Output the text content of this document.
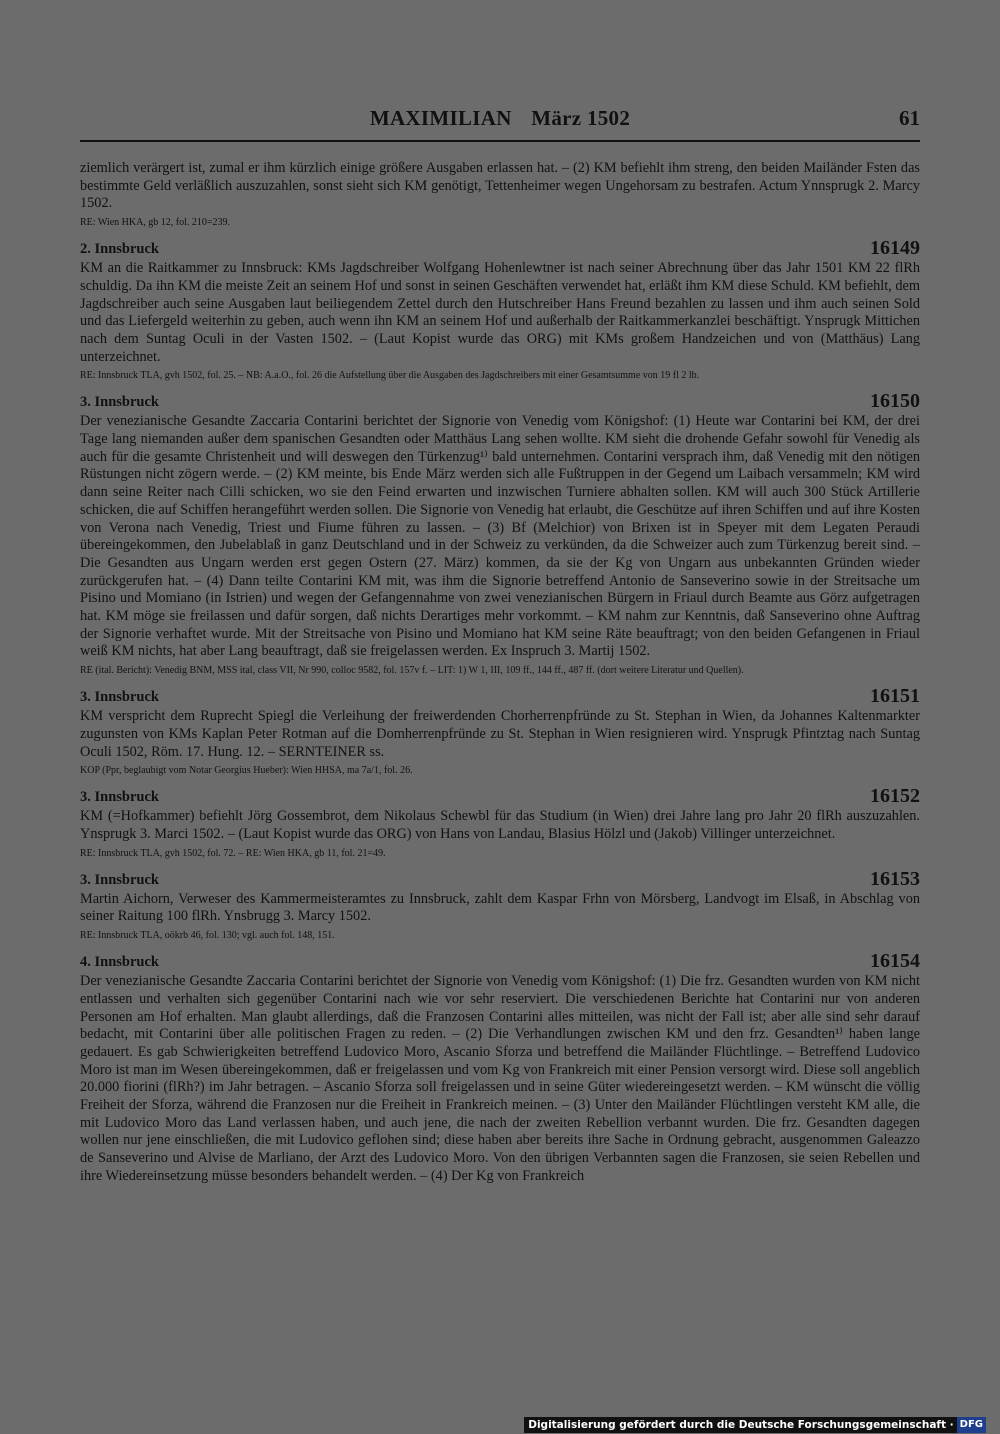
MAXIMILIAN März 1502	61

ziemlich verärgert ist, zumal er ihm kürzlich einige größere Ausgaben erlassen hat. – (2) KM befiehlt ihm streng, den beiden Mailänder Fsten das bestimmte Geld verläßlich auszuzahlen, sonst sieht sich KM genötigt, Tettenheimer wegen Ungehorsam zu bestrafen. Actum Ynnsprugk 2. Marcy 1502.

RE: Wien HKA, gb 12, fol. 210=239.

2. Innsbruck	16149

KM an die Raitkammer zu Innsbruck: KMs Jagdschreiber Wolfgang Hohenlewtner ist nach seiner Abrechnung über das Jahr 1501 KM 22 flRh schuldig. Da ihn KM die meiste Zeit an seinem Hof und sonst in seinen Geschäften verwendet hat, erläßt ihm KM diese Schuld. KM befiehlt, dem Jagdschreiber auch seine Ausgaben laut beiliegendem Zettel durch den Hutschreiber Hans Freund bezahlen zu lassen und ihm auch seinen Sold und das Liefergeld weiterhin zu geben, auch wenn ihn KM an seinem Hof und außerhalb der Raitkammerkanzlei beschäftigt. Ynsprugk Mittichen nach dem Suntag Oculi in der Vasten 1502. – (Laut Kopist wurde das ORG) mit KMs großem Handzeichen und von (Matthäus) Lang unterzeichnet.

RE: Innsbruck TLA, gvh 1502, fol. 25. – NB: A.a.O., fol. 26 die Aufstellung über die Ausgaben des Jagdschreibers mit einer Gesamtsumme von 19 fl 2 lb.

3. Innsbruck	16150

Der venezianische Gesandte Zaccaria Contarini berichtet der Signorie von Venedig vom Königshof: (1) Heute war Contarini bei KM, der drei Tage lang niemanden außer dem spanischen Gesandten oder Matthäus Lang sehen wollte. KM sieht die drohende Gefahr sowohl für Venedig als auch für die gesamte Christenheit und will deswegen den Türkenzug¹⁾ bald unternehmen. Contarini versprach ihm, daß Venedig mit den nötigen Rüstungen nicht zögern werde. – (2) KM meinte, bis Ende März werden sich alle Fußtruppen in der Gegend um Laibach versammeln; KM wird dann seine Reiter nach Cilli schicken, wo sie den Feind erwarten und inzwischen Turniere abhalten sollen. KM will auch 300 Stück Artillerie schicken, die auf Schiffen herangeführt werden sollen. Die Signorie von Venedig hat erlaubt, die Geschütze auf ihren Schiffen und auf ihre Kosten von Verona nach Venedig, Triest und Fiume führen zu lassen. – (3) Bf (Melchior) von Brixen ist in Speyer mit dem Legaten Peraudi übereingekommen, den Jubelablaß in ganz Deutschland und in der Schweiz zu verkünden, da die Schweizer auch zum Türkenzug bereit sind. – Die Gesandten aus Ungarn werden erst gegen Ostern (27. März) kommen, da sie der Kg von Ungarn aus unbekannten Gründen wieder zurückgerufen hat. – (4) Dann teilte Contarini KM mit, was ihm die Signorie betreffend Antonio de Sanseverino sowie in der Streitsache um Pisino und Momiano (in Istrien) und wegen der Gefangennahme von zwei venezianischen Bürgern in Friaul durch Beamte aus Görz aufgetragen hat. KM möge sie freilassen und dafür sorgen, daß nichts Derartiges mehr vorkommt. – KM nahm zur Kenntnis, daß Sanseverino ohne Auftrag der Signorie verhaftet wurde. Mit der Streitsache von Pisino und Momiano hat KM seine Räte beauftragt; von den beiden Gefangenen in Friaul weiß KM nichts, hat aber Lang beauftragt, daß sie freigelassen werden. Ex Inspruch 3. Martij 1502.

RE (ital. Bericht): Venedig BNM, MSS ital, class VII, Nr 990, colloc 9582, fol. 157v f. – LIT: 1) W 1, III, 109 ff., 144 ff., 487 ff. (dort weitere Literatur und Quellen).

3. Innsbruck	16151

KM verspricht dem Ruprecht Spiegl die Verleihung der freiwerdenden Chorherrenpfründe zu St. Stephan in Wien, da Johannes Kaltenmarkter zugunsten von KMs Kaplan Peter Rotman auf die Domherrenpfründe zu St. Stephan in Wien resignieren wird. Ynsprugk Pfintztag nach Suntag Oculi 1502, Röm. 17. Hung. 12. – SERNTEINER ss.

KOP (Ppr, beglaubigt vom Notar Georgius Hueber): Wien HHSA, ma 7a/1, fol. 26.

3. Innsbruck	16152

KM (=Hofkammer) befiehlt Jörg Gossembrot, dem Nikolaus Schewbl für das Studium (in Wien) drei Jahre lang pro Jahr 20 flRh auszuzahlen. Ynsprugk 3. Marci 1502. – (Laut Kopist wurde das ORG) von Hans von Landau, Blasius Hölzl und (Jakob) Villinger unterzeichnet.

RE: Innsbruck TLA, gvh 1502, fol. 72. – RE: Wien HKA, gb 11, fol. 21=49.

3. Innsbruck	16153

Martin Aichorn, Verweser des Kammermeisteramtes zu Innsbruck, zahlt dem Kaspar Frhn von Mörsberg, Landvogt im Elsaß, in Abschlag von seiner Raitung 100 flRh. Ynsbrugg 3. Marcy 1502.

RE: Innsbruck TLA, oökrb 46, fol. 130; vgl. auch fol. 148, 151.

4. Innsbruck	16154

Der venezianische Gesandte Zaccaria Contarini berichtet der Signorie von Venedig vom Königshof: (1) Die frz. Gesandten wurden von KM nicht entlassen und verhalten sich gegenüber Contarini nach wie vor sehr reserviert. Die verschiedenen Berichte hat Contarini nur von anderen Personen am Hof erhalten. Man glaubt allerdings, daß die Franzosen Contarini alles mitteilen, was nicht der Fall ist; aber alle sind sehr darauf bedacht, mit Contarini über alle politischen Fragen zu reden. – (2) Die Verhandlungen zwischen KM und den frz. Gesandten¹⁾ haben lange gedauert. Es gab Schwierigkeiten betreffend Ludovico Moro, Ascanio Sforza und betreffend die Mailänder Flüchtlinge. – Betreffend Ludovico Moro ist man im Wesen übereingekommen, daß er freigelassen und vom Kg von Frankreich mit einer Pension versorgt wird. Diese soll angeblich 20.000 fiorini (flRh?) im Jahr betragen. – Ascanio Sforza soll freigelassen und in seine Güter wiedereingesetzt werden. – KM wünscht die völlig Freiheit der Sforza, während die Franzosen nur die Freiheit in Frankreich meinen. – (3) Unter den Mailänder Flüchtlingen versteht KM alle, die mit Ludovico Moro das Land verlassen haben, und auch jene, die nach der zweiten Rebellion verbannt wurden. Die frz. Gesandten dagegen wollen nur jene einschließen, die mit Ludovico geflohen sind; diese haben aber bereits ihre Sache in Ordnung gebracht, ausgenommen Galeazzo de Sanseverino und Alvise de Marliano, der Arzt des Ludovico Moro. Von den übrigen Verbannten sagen die Franzosen, sie seien Rebellen und ihre Wiedereinsetzung müsse besonders behandelt werden. – (4) Der Kg von Frankreich

Digitalisierung gefördert durch die Deutsche Forschungsgemeinschaft · DFG
